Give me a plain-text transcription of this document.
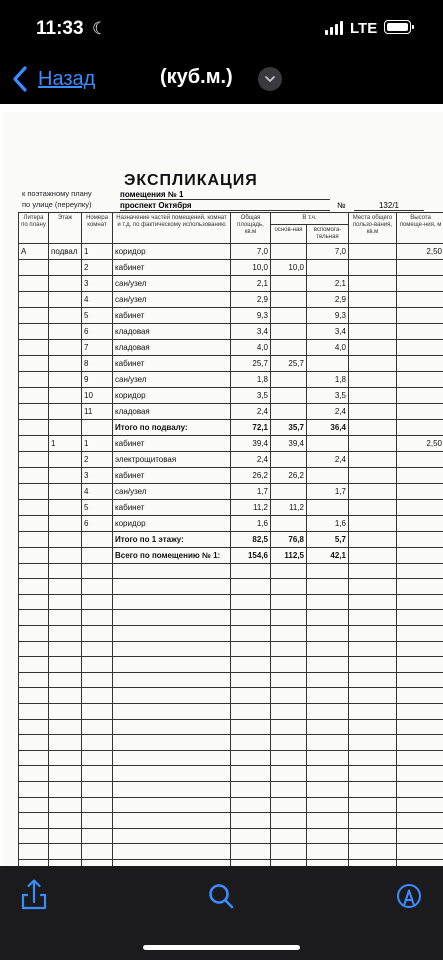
11:33 ☾	LTE
Назад	(куб.м.)
ЭКСПЛИКАЦИЯ
к поэтажному плану
по улице (переулку)
помещения № 1
проспект Октября	№	132/1
Литера по плану	Этаж	Номера комнат	Назначение частей помещений, комнат и т.д. по фактическому использованию	Общая площадь, кв.м	В т.ч.		Места общего пользо-вания, кв.м	Высота помеще-ния, м
					основ-ная	вспомога-тельная		
А	подвал	1	коридор	7,0		7,0		2,50
		2	кабинет	10,0	10,0			
		3	сан/узел	2,1		2,1		
		4	сан/узел	2,9		2,9		
		5	кабинет	9,3		9,3		
		6	кладовая	3,4		3,4		
		7	кладовая	4,0		4,0		
		8	кабинет	25,7	25,7			
		9	сан/узел	1,8		1,8		
		10	коридор	3,5		3,5		
		11	кладовая	2,4		2,4		
			Итого по подвалу:	72,1	35,7	36,4		
	1	1	кабинет	39,4	39,4			2,50
		2	электрощитовая	2,4		2,4		
		3	кабинет	26,2	26,2			
		4	сан/узел	1,7		1,7		
		5	кабинет	11,2	11,2			
		6	коридор	1,6		1,6		
			Итого по 1 этажу:	82,5	76,8	5,7		
			Всего по помещению № 1:	154,6	112,5	42,1		
